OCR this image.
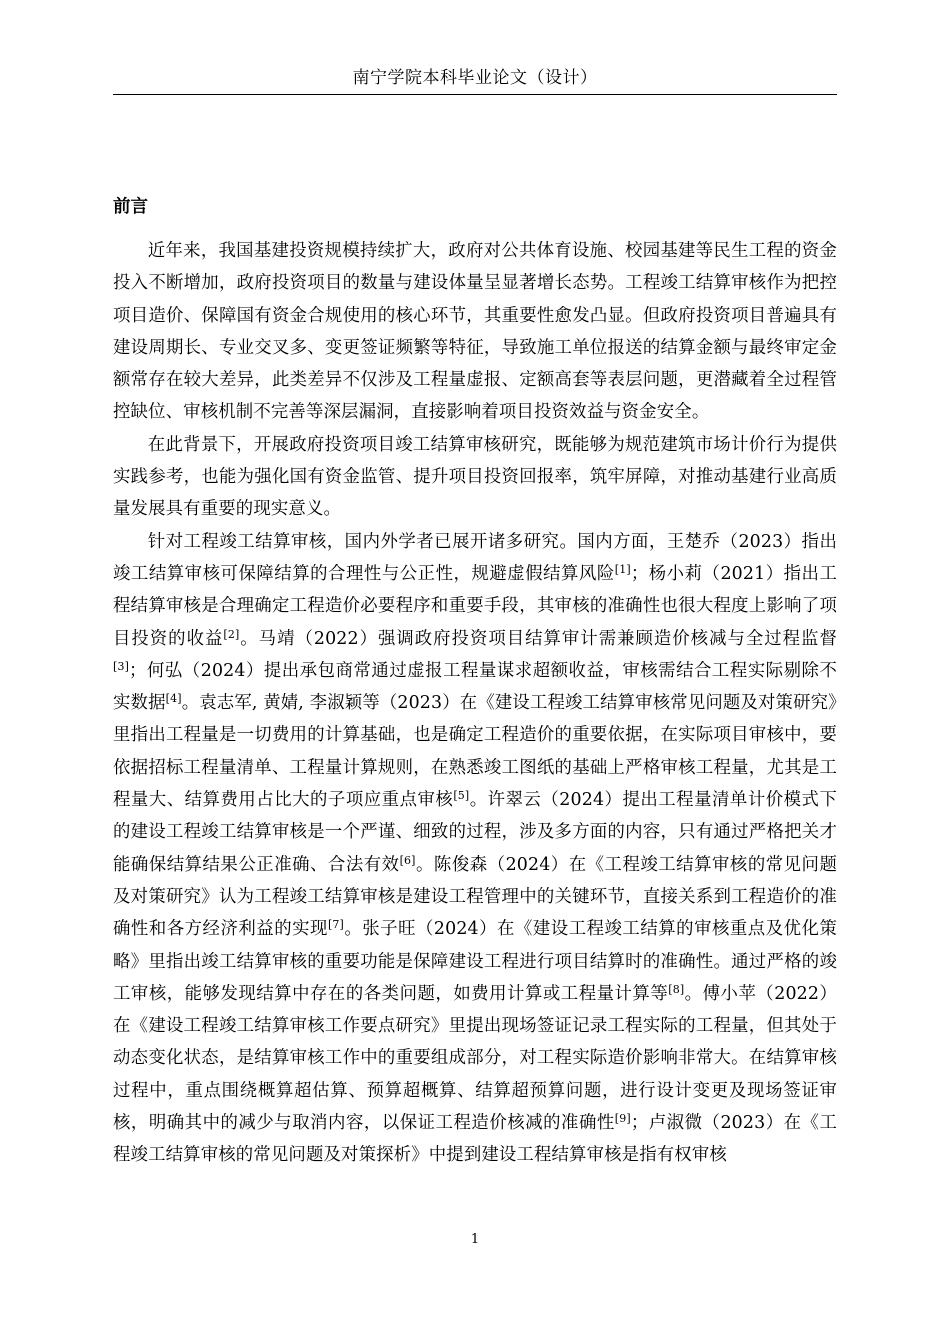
南宁学院本科毕业论文（设计）
前言

近年来，我国基建投资规模持续扩大，政府对公共体育设施、校园基建等民生工程的资金投入不断增加，政府投资项目的数量与建设体量呈显著增长态势。工程竣工结算审核作为把控项目造价、保障国有资金合规使用的核心环节，其重要性愈发凸显。但政府投资项目普遍具有建设周期长、专业交叉多、变更签证频繁等特征，导致施工单位报送的结算金额与最终审定金额常存在较大差异，此类差异不仅涉及工程量虚报、定额高套等表层问题，更潜藏着全过程管控缺位、审核机制不完善等深层漏洞，直接影响着项目投资效益与资金安全。

在此背景下，开展政府投资项目竣工结算审核研究，既能够为规范建筑市场计价行为提供实践参考，也能为强化国有资金监管、提升项目投资回报率，筑牢屏障，对推动基建行业高质量发展具有重要的现实意义。

针对工程竣工结算审核，国内外学者已展开诸多研究。国内方面，王楚乔（2023）指出竣工结算审核可保障结算的合理性与公正性，规避虚假结算风险[1]；杨小莉（2021）指出工程结算审核是合理确定工程造价必要程序和重要手段，其审核的准确性也很大程度上影响了项目投资的收益[2]。马靖（2022）强调政府投资项目结算审计需兼顾造价核减与全过程监督[3]；何弘（2024）提出承包商常通过虚报工程量谋求超额收益，审核需结合工程实际剔除不实数据[4]。袁志军, 黄婧, 李淑颖等（2023）在《建设工程竣工结算审核常见问题及对策研究》里指出工程量是一切费用的计算基础，也是确定工程造价的重要依据，在实际项目审核中，要依据招标工程量清单、工程量计算规则，在熟悉竣工图纸的基础上严格审核工程量，尤其是工程量大、结算费用占比大的子项应重点审核[5]。许翠云（2024）提出工程量清单计价模式下的建设工程竣工结算审核是一个严谨、细致的过程，涉及多方面的内容，只有通过严格把关才能确保结算结果公正准确、合法有效[6]。陈俊森（2024）在《工程竣工结算审核的常见问题及对策研究》认为工程竣工结算审核是建设工程管理中的关键环节，直接关系到工程造价的准确性和各方经济利益的实现[7]。张子旺（2024）在《建设工程竣工结算的审核重点及优化策略》里指出竣工结算审核的重要功能是保障建设工程进行项目结算时的准确性。通过严格的竣工审核，能够发现结算中存在的各类问题，如费用计算或工程量计算等[8]。傅小苹（2022）在《建设工程竣工结算审核工作要点研究》里提出现场签证记录工程实际的工程量，但其处于动态变化状态，是结算审核工作中的重要组成部分，对工程实际造价影响非常大。在结算审核过程中，重点围绕概算超估算、预算超概算、结算超预算问题，进行设计变更及现场签证审核，明确其中的减少与取消内容，以保证工程造价核减的准确性[9]；卢淑微（2023）在《工程竣工结算审核的常见问题及对策探析》中提到建设工程结算审核是指有权审核

1
